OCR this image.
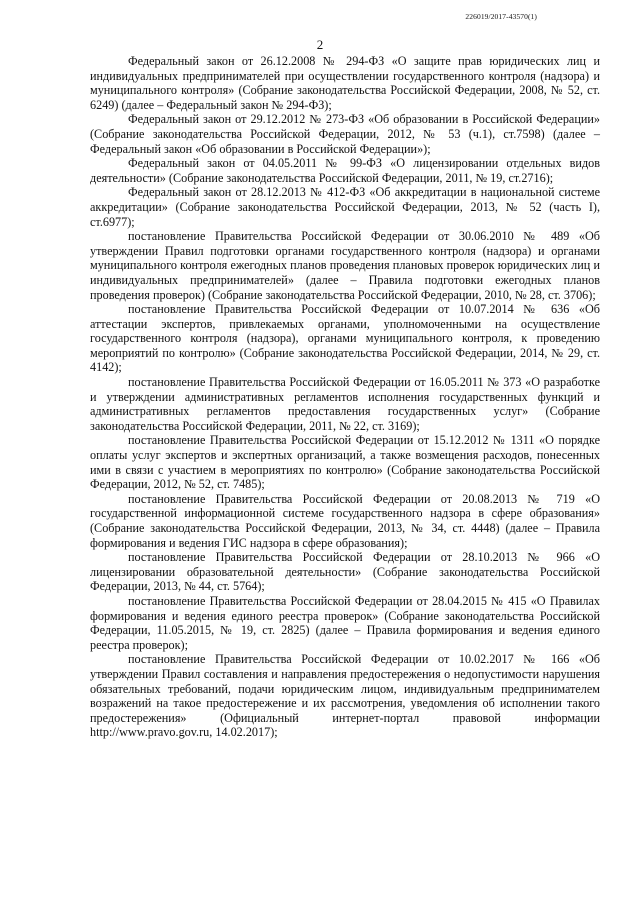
226019/2017-43570(1)
2

Федеральный закон от 26.12.2008 № 294-ФЗ «О защите прав юридических лиц и индивидуальных предпринимателей при осуществлении государственного контроля (надзора) и муниципального контроля» (Собрание законодательства Российской Федерации, 2008, № 52, ст. 6249) (далее – Федеральный закон № 294-ФЗ);

Федеральный закон от 29.12.2012 № 273-ФЗ «Об образовании в Российской Федерации» (Собрание законодательства Российской Федерации, 2012, № 53 (ч.1), ст.7598) (далее – Федеральный закон «Об образовании в Российской Федерации»);

Федеральный закон от 04.05.2011 № 99-ФЗ «О лицензировании отдельных видов деятельности» (Собрание законодательства Российской Федерации, 2011, № 19, ст.2716);

Федеральный закон от 28.12.2013 № 412-ФЗ «Об аккредитации в национальной системе аккредитации» (Собрание законодательства Российской Федерации, 2013, № 52 (часть I), ст.6977);

постановление Правительства Российской Федерации от 30.06.2010 № 489 «Об утверждении Правил подготовки органами государственного контроля (надзора) и органами муниципального контроля ежегодных планов проведения плановых проверок юридических лиц и индивидуальных предпринимателей» (далее – Правила подготовки ежегодных планов проведения проверок) (Собрание законодательства Российской Федерации, 2010, № 28, ст. 3706);

постановление Правительства Российской Федерации от 10.07.2014 № 636 «Об аттестации экспертов, привлекаемых органами, уполномоченными на осуществление государственного контроля (надзора), органами муниципального контроля, к проведению мероприятий по контролю» (Собрание законодательства Российской Федерации, 2014, № 29, ст. 4142);

постановление Правительства Российской Федерации от 16.05.2011 № 373 «О разработке и утверждении административных регламентов исполнения государственных функций и административных регламентов предоставления государственных услуг» (Собрание законодательства Российской Федерации, 2011, № 22, ст. 3169);

постановление Правительства Российской Федерации от 15.12.2012 № 1311 «О порядке оплаты услуг экспертов и экспертных организаций, а также возмещения расходов, понесенных ими в связи с участием в мероприятиях по контролю» (Собрание законодательства Российской Федерации, 2012, № 52, ст. 7485);

постановление Правительства Российской Федерации от 20.08.2013 № 719 «О государственной информационной системе государственного надзора в сфере образования» (Собрание законодательства Российской Федерации, 2013, № 34, ст. 4448) (далее – Правила формирования и ведения ГИС надзора в сфере образования);

постановление Правительства Российской Федерации от 28.10.2013 № 966 «О лицензировании образовательной деятельности» (Собрание законодательства Российской Федерации, 2013, № 44, ст. 5764);

постановление Правительства Российской Федерации от 28.04.2015 № 415 «О Правилах формирования и ведения единого реестра проверок» (Собрание законодательства Российской Федерации, 11.05.2015, № 19, ст. 2825) (далее – Правила формирования и ведения единого реестра проверок);

постановление Правительства Российской Федерации от 10.02.2017 № 166 «Об утверждении Правил составления и направления предостережения о недопустимости нарушения обязательных требований, подачи юридическим лицом, индивидуальным предпринимателем возражений на такое предостережение и их рассмотрения, уведомления об исполнении такого предостережения» (Официальный интернет-портал правовой информации http://www.pravo.gov.ru, 14.02.2017);
